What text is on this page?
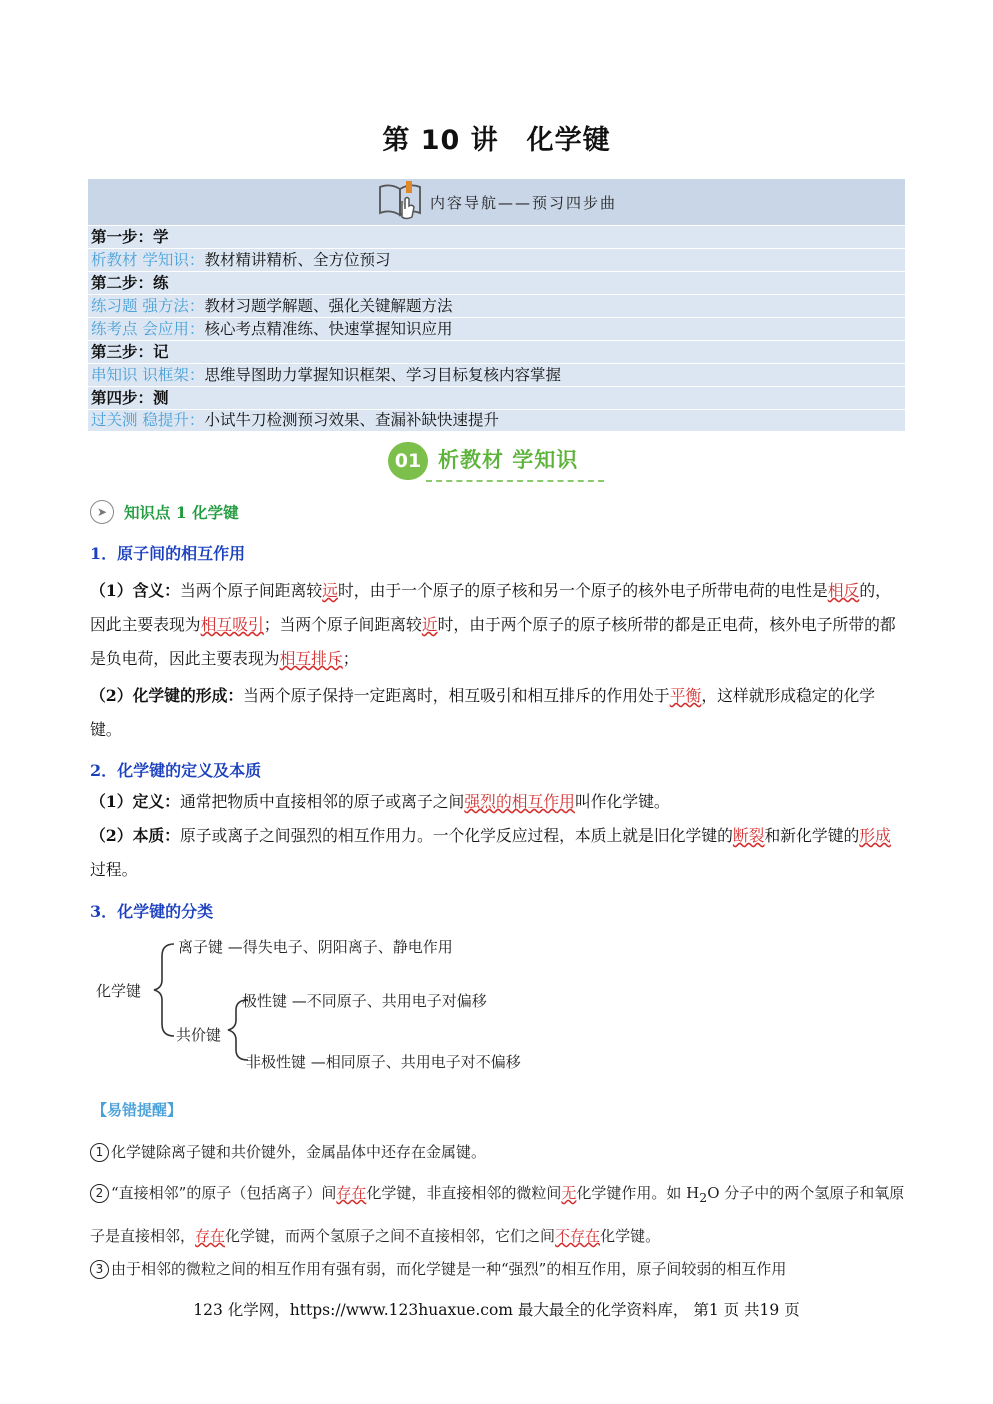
第 10 讲　化学键
内容导航——预习四步曲
第一步：学
析教材 学知识：教材精讲精析、全方位预习
第二步：练
练习题 强方法：教材习题学解题、强化关键解题方法
练考点 会应用：核心考点精准练、快速掌握知识应用
第三步：记
串知识 识框架：思维导图助力掌握知识框架、学习目标复核内容掌握
第四步：测
过关测 稳提升：小试牛刀检测预习效果、查漏补缺快速提升
01 析教材 学知识
➤	知识点 1 化学键
1．原子间的相互作用
（1）含义：当两个原子间距离较远时，由于一个原子的原子核和另一个原子的核外电子所带电荷的电性是相反的，因此主要表现为相互吸引；当两个原子间距离较近时，由于两个原子的原子核所带的都是正电荷，核外电子所带的都是负电荷，因此主要表现为相互排斥；
（2）化学键的形成：当两个原子保持一定距离时，相互吸引和相互排斥的作用处于平衡，这样就形成稳定的化学键。
2．化学键的定义及本质
（1）定义：通常把物质中直接相邻的原子或离子之间强烈的相互作用叫作化学键。
（2）本质：原子或离子之间强烈的相互作用力。一个化学反应过程，本质上就是旧化学键的断裂和新化学键的形成过程。
3．化学键的分类
化学键
离子键 —得失电子、阴阳离子、静电作用
共价键
极性键 —不同原子、共用电子对偏移
非极性键 —相同原子、共用电子对不偏移
【易错提醒】
1 化学键除离子键和共价键外，金属晶体中还存在金属键。
2 “直接相邻”的原子（包括离子）间存在化学键，非直接相邻的微粒间无化学键作用。如 $H_2O$ 分子中的两个氢原子和氧原子是直接相邻，存在化学键，而两个氢原子之间不直接相邻，它们之间不存在化学键。
3 由于相邻的微粒之间的相互作用有强有弱，而化学键是一种“强烈”的相互作用，原子间较弱的相互作用
123 化学网，https://www.123huaxue.com 最大最全的化学资料库， 第1 页 共19 页
